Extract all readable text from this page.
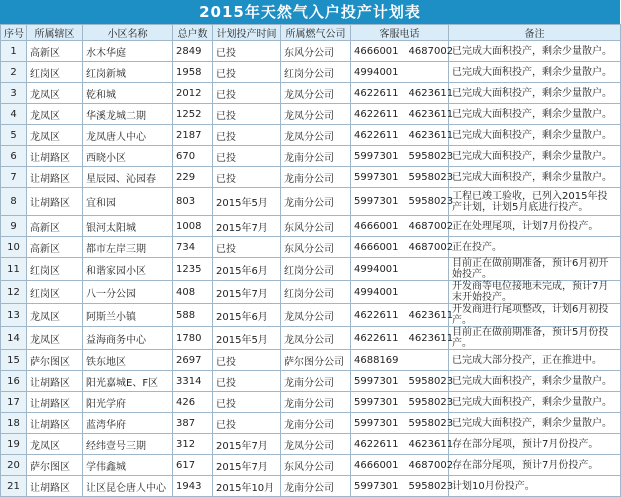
2015年天然气入户投产计划表
序号	所属辖区	小区名称	总户数	计划投产时间	所属燃气公司	客服电话	备注
1	高新区	水木华庭	2849	已投	东风分公司	4666001 4687002	已完成大面积投产，剩余少量散户。
2	红岗区	红岗新城	1958	已投	红岗分公司	4994001	已完成大面积投产，剩余少量散户。
3	龙凤区	乾和城	2012	已投	龙凤分公司	4622611 4623611	已完成大面积投产，剩余少量散户。
4	龙凤区	华溪龙城二期	1252	已投	龙凤分公司	4622611 4623611	已完成大面积投产，剩余少量散户。
5	龙凤区	龙凤唐人中心	2187	已投	龙凤分公司	4622611 4623611	已完成大面积投产，剩余少量散户。
6	让胡路区	西晓小区	670	已投	龙南分公司	5997301 5958023	已完成大面积投产，剩余少量散户。
7	让胡路区	星辰园、沁园春	229	已投	龙南分公司	5997301 5958023	已完成大面积投产，剩余少量散户。
8	让胡路区	宜和园	803	2015年5月	龙南分公司	5997301 5958023	工程已竣工验收，已列入2015年投产计划，计划5月底进行投产。
9	高新区	银河太阳城	1008	2015年7月	东风分公司	4666001 4687002	正在处理尾项，计划7月份投产。
10	高新区	都市左岸三期	734	已投	东风分公司	4666001 4687002	正在投产。
11	红岗区	和谐家园小区	1235	2015年6月	红岗分公司	4994001	目前正在做前期准备，预计6月初开始投产。
12	红岗区	八一分公园	408	2015年7月	红岗分公司	4994001	开发商等电位接地未完成，预计7月末开始投产。
13	龙凤区	阿斯兰小镇	588	2015年6月	龙凤分公司	4622611 4623611	开发商进行尾项整改，计划6月初投产。
14	龙凤区	益海商务中心	1780	2015年5月	龙凤分公司	4622611 4623611	目前正在做前期准备，预计5月份投产。
15	萨尔图区	铁东地区	2697	已投	萨尔图分公司	4688169	已完成大部分投产，正在推进中。
16	让胡路区	阳光嘉城E、F区	3314	已投	龙南分公司	5997301 5958023	已完成大面积投产，剩余少量散户。
17	让胡路区	阳光学府	426	已投	龙南分公司	5997301 5958023	已完成大面积投产，剩余少量散户。
18	让胡路区	蓝湾华府	387	已投	龙南分公司	5997301 5958023	已完成大面积投产，剩余少量散户。
19	龙凤区	经纬壹号三期	312	2015年7月	龙凤分公司	4622611 4623611	存在部分尾项，预计7月份投产。
20	萨尔图区	学伟鑫城	617	2015年7月	东风分公司	4666001 4687002	存在部分尾项，预计7月份投产。
21	让胡路区	让区昆仑唐人中心	1943	2015年10月	龙南分公司	5997301 5958023	计划10月份投产。
